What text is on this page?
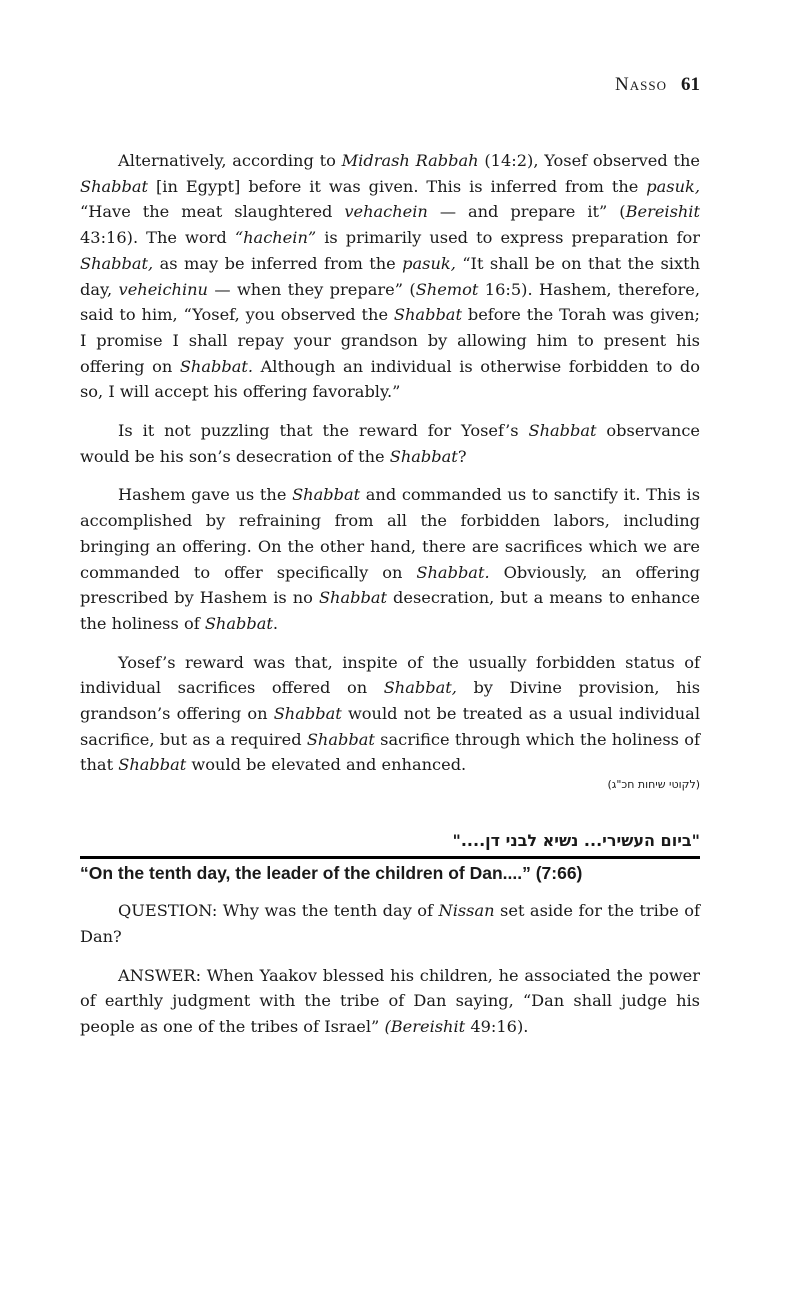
Nasso 61

Alternatively, according to Midrash Rabbah (14:2), Yosef observed the Shabbat [in Egypt] before it was given. This is inferred from the pasuk, “Have the meat slaughtered vehachein — and prepare it” (Bereishit 43:16). The word “hachein” is primarily used to express preparation for Shabbat, as may be inferred from the pasuk, “It shall be on that the sixth day, veheichinu — when they prepare” (Shemot 16:5). Hashem, therefore, said to him, “Yosef, you observed the Shabbat before the Torah was given; I promise I shall repay your grandson by allowing him to present his offering on Shabbat. Although an individual is otherwise forbidden to do so, I will accept his offering favorably.”

Is it not puzzling that the reward for Yosef’s Shabbat observance would be his son’s desecration of the Shabbat?

Hashem gave us the Shabbat and commanded us to sanctify it. This is accomplished by refraining from all the forbidden labors, including bringing an offering. On the other hand, there are sacrifices which we are commanded to offer specifically on Shabbat. Obviously, an offering prescribed by Hashem is no Shabbat desecration, but a means to enhance the holiness of Shabbat.

Yosef’s reward was that, inspite of the usually forbidden status of individual sacrifices offered on Shabbat, by Divine provision, his grandson’s offering on Shabbat would not be treated as a usual individual sacrifice, but as a required Shabbat sacrifice through which the holiness of that Shabbat would be elevated and enhanced.

(לקוטי שיחות חכ"ג)
"ביום העשירי... נשיא לבני דן...."
“On the tenth day, the leader of the children of Dan....” (7:66)

QUESTION: Why was the tenth day of Nissan set aside for the tribe of Dan?

ANSWER: When Yaakov blessed his children, he associated the power of earthly judgment with the tribe of Dan saying, “Dan shall judge his people as one of the tribes of Israel” (Bereishit 49:16).
